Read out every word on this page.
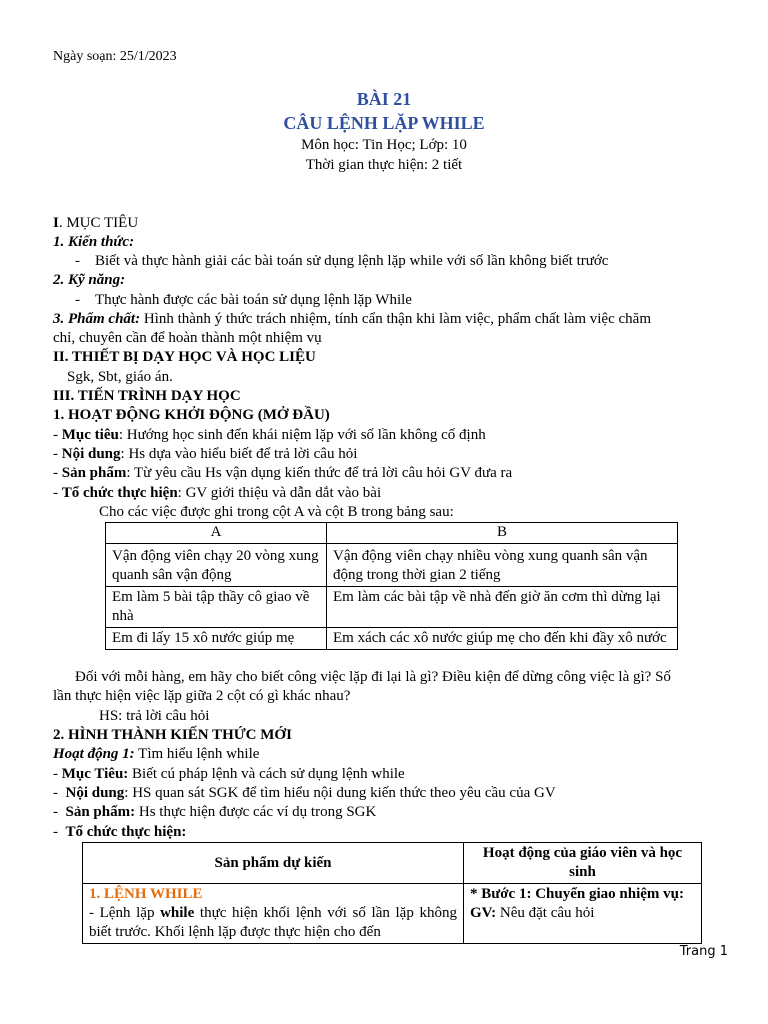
Ngày soạn: 25/1/2023
BÀI 21
CÂU LỆNH LẶP WHILE
Môn học: Tin Học; Lớp: 10
Thời gian thực hiện: 2 tiết
I. MỤC TIÊU
1. Kiến thức:
- Biết và thực hành giải các bài toán sử dụng lệnh lặp while với số lần không biết trước
2. Kỹ năng:
- Thực hành được các bài toán sử dụng lệnh lặp While
3. Phẩm chất: Hình thành ý thức trách nhiệm, tính cẩn thận khi làm việc, phẩm chất làm việc chăm
chỉ, chuyên cần để hoàn thành một nhiệm vụ
II. THIẾT BỊ DẠY HỌC VÀ HỌC LIỆU
Sgk, Sbt, giáo án.
III. TIẾN TRÌNH DẠY HỌC
1. HOẠT ĐỘNG KHỞI ĐỘNG (MỞ ĐẦU)
- Mục tiêu: Hướng học sinh đến khái niệm lặp với số lần không cố định
- Nội dung: Hs dựa vào hiểu biết để trả lời câu hỏi
- Sản phẩm: Từ yêu cầu Hs vận dụng kiến thức để trả lời câu hỏi GV đưa ra
- Tổ chức thực hiện: GV giới thiệu và dẫn dắt vào bài
Cho các việc được ghi trong cột A và cột B trong bảng sau:
A	B
Vận động viên chạy 20 vòng xung quanh sân vận động	Vận động viên chạy nhiều vòng xung quanh sân vận động trong thời gian 2 tiếng
Em làm 5 bài tập thầy cô giao về nhà	Em làm các bài tập về nhà đến giờ ăn cơm thì dừng lại
Em đi lấy 15 xô nước giúp mẹ	Em xách các xô nước giúp mẹ cho đến khi đầy xô nước
Đối với mỗi hàng, em hãy cho biết công việc lặp đi lại là gì? Điều kiện để dừng công việc là gì? Số
lần thực hiện việc lặp giữa 2 cột có gì khác nhau?
HS: trả lời câu hỏi
2. HÌNH THÀNH KIẾN THỨC MỚI
Hoạt động 1: Tìm hiểu lệnh while
- Mục Tiêu: Biết cú pháp lệnh và cách sử dụng lệnh while
-  Nội dung: HS quan sát SGK để tìm hiểu nội dung kiến thức theo yêu cầu của GV
-  Sản phẩm: Hs thực hiện được các ví dụ trong SGK
-  Tổ chức thực hiện:
Sản phẩm dự kiến	Hoạt động của giáo viên và học sinh
1. LỆNH WHILE
- Lệnh lặp while thực hiện khối lệnh với số lần lặp không biết trước. Khối lệnh lặp được thực hiện cho đến	* Bước 1: Chuyển giao nhiệm vụ:
GV: Nêu đặt câu hỏi
Trang 1
